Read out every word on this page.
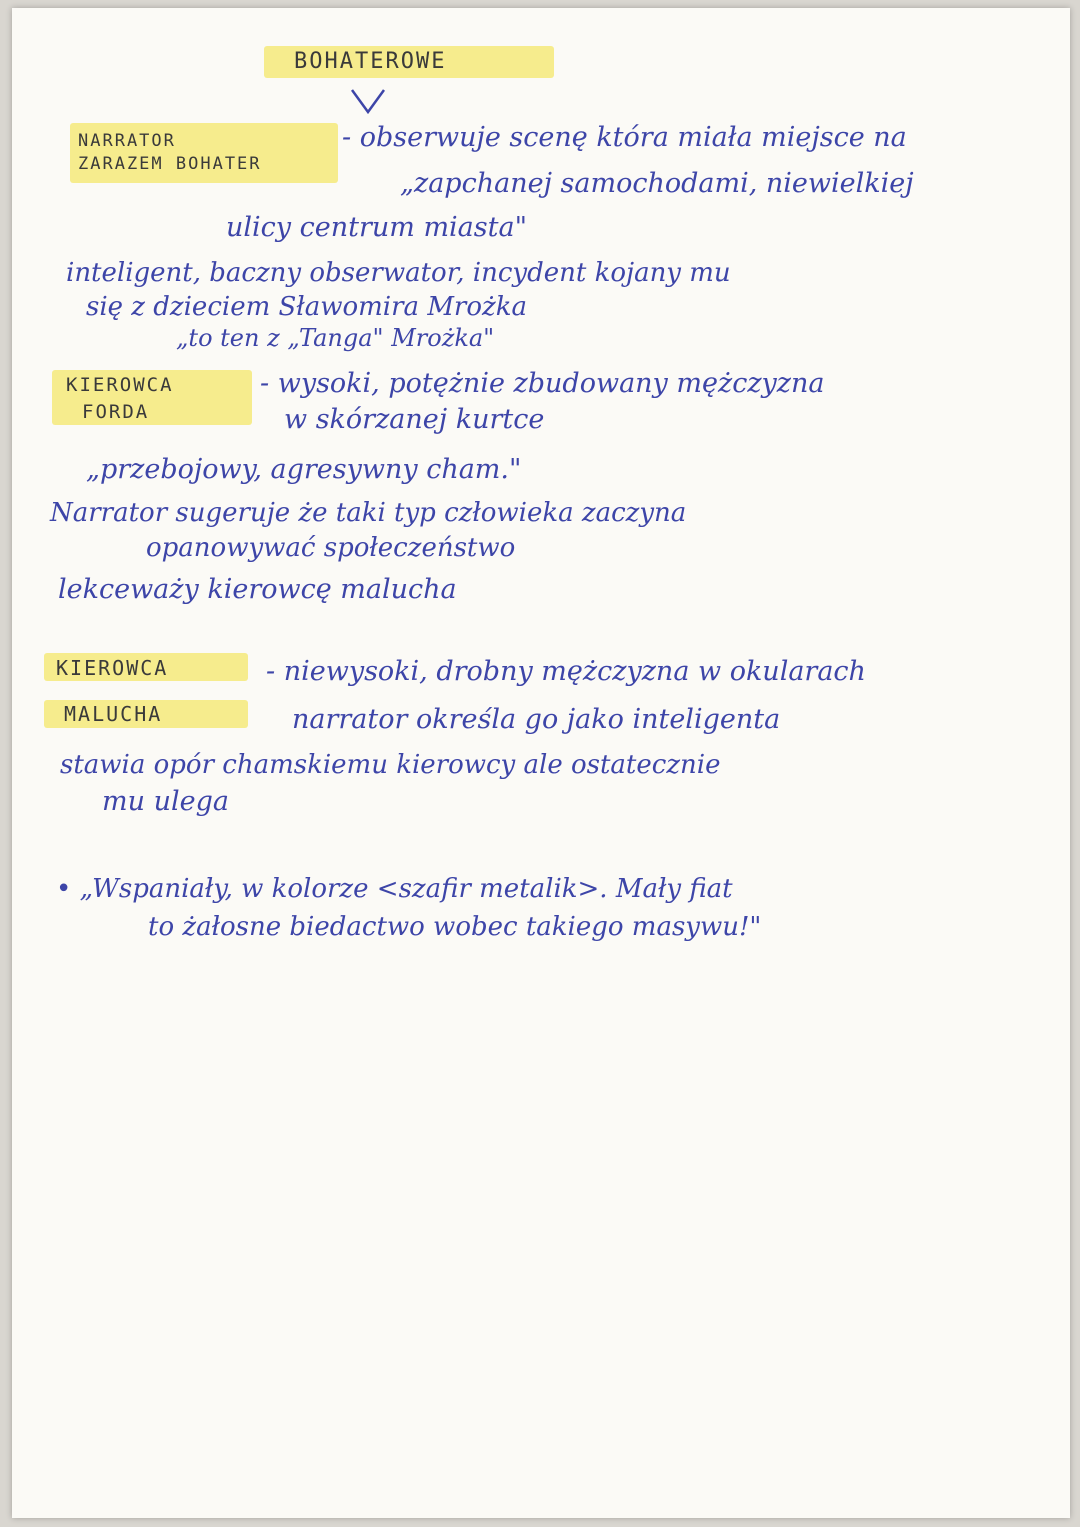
BOHATEROWE
NARRATOR
ZARAZEM BOHATER
- obserwuje scenę która miała miejsce na
„zapchanej samochodami, niewielkiej
ulicy centrum miasta"
inteligent, baczny obserwator, incydent kojany mu
się z dzieciem Sławomira Mrożka
„to ten z „Tanga" Mrożka"
KIEROWCA
FORDA
- wysoki, potężnie zbudowany mężczyzna
w skórzanej kurtce
„przebojowy, agresywny cham."
Narrator sugeruje że taki typ człowieka zaczyna
opanowywać społeczeństwo
lekceważy kierowcę malucha
KIEROWCA
MALUCHA
- niewysoki, drobny mężczyzna w okularach
narrator określa go jako inteligenta
stawia opór chamskiemu kierowcy ale ostatecznie
mu ulega
• „Wspaniały, w kolorze <szafir metalik>. Mały fiat
to żałosne biedactwo wobec takiego masywu!"
